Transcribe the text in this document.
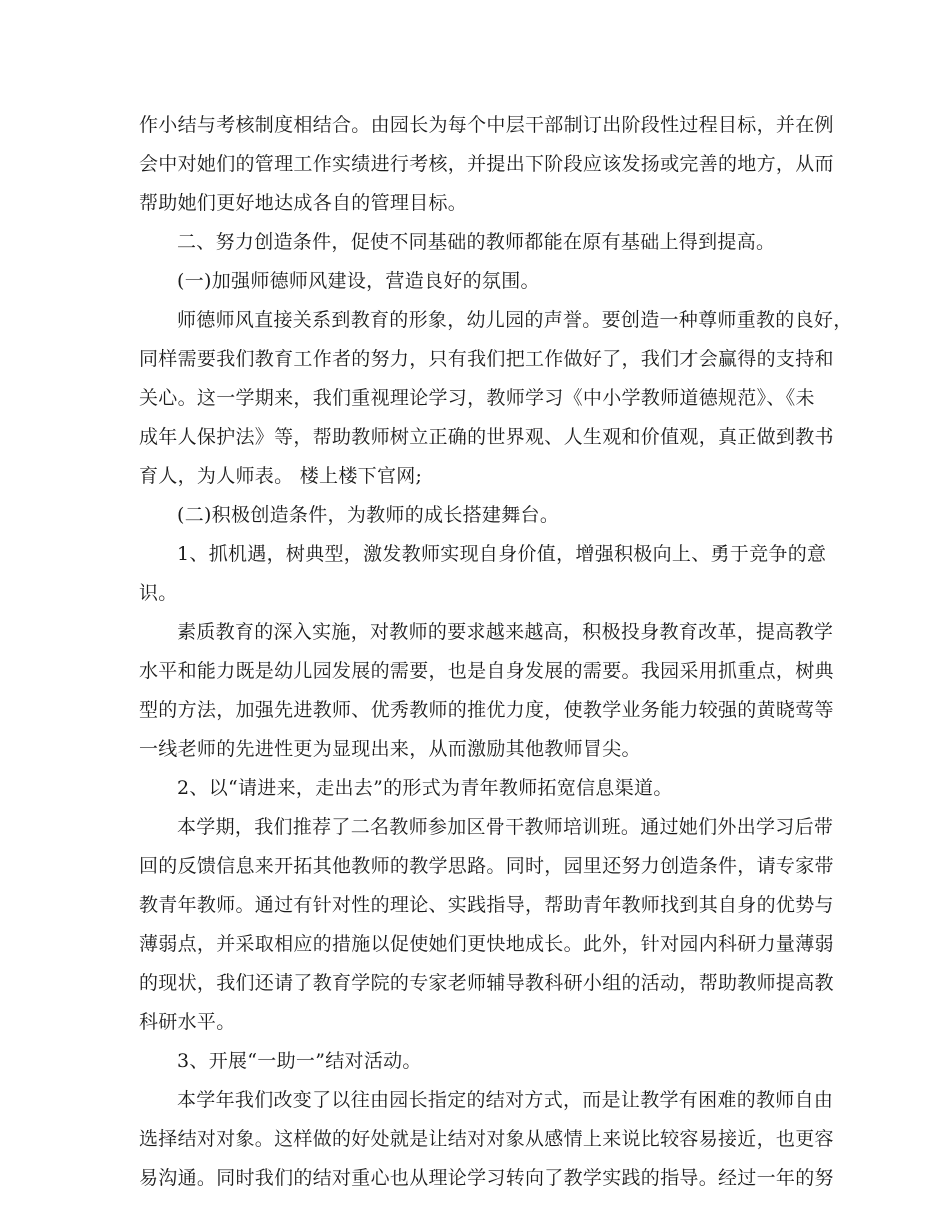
作小结与考核制度相结合。由园长为每个中层干部制订出阶段性过程目标，并在例
会中对她们的管理工作实绩进行考核，并提出下阶段应该发扬或完善的地方，从而
帮助她们更好地达成各自的管理目标。
二、努力创造条件，促使不同基础的教师都能在原有基础上得到提高。
(一)加强师德师风建设，营造良好的氛围。
师德师风直接关系到教育的形象，幼儿园的声誉。要创造一种尊师重教的良好，
同样需要我们教育工作者的努力，只有我们把工作做好了，我们才会赢得的支持和
关心。这一学期来，我们重视理论学习，教师学习《中小学教师道德规范》、《未
成年人保护法》等，帮助教师树立正确的世界观、人生观和价值观，真正做到教书
育人，为人师表。 楼上楼下官网;
(二)积极创造条件，为教师的成长搭建舞台。
1、抓机遇，树典型，激发教师实现自身价值，增强积极向上、勇于竞争的意
识。
素质教育的深入实施，对教师的要求越来越高，积极投身教育改革，提高教学
水平和能力既是幼儿园发展的需要，也是自身发展的需要。我园采用抓重点，树典
型的方法，加强先进教师、优秀教师的推优力度，使教学业务能力较强的黄晓莺等
一线老师的先进性更为显现出来，从而激励其他教师冒尖。
2、以“请进来，走出去”的形式为青年教师拓宽信息渠道。
本学期，我们推荐了二名教师参加区骨干教师培训班。通过她们外出学习后带
回的反馈信息来开拓其他教师的教学思路。同时，园里还努力创造条件，请专家带
教青年教师。通过有针对性的理论、实践指导，帮助青年教师找到其自身的优势与
薄弱点，并采取相应的措施以促使她们更快地成长。此外，针对园内科研力量薄弱
的现状，我们还请了教育学院的专家老师辅导教科研小组的活动，帮助教师提高教
科研水平。
3、开展“一助一”结对活动。
本学年我们改变了以往由园长指定的结对方式，而是让教学有困难的教师自由
选择结对对象。这样做的好处就是让结对对象从感情上来说比较容易接近，也更容
易沟通。同时我们的结对重心也从理论学习转向了教学实践的指导。经过一年的努
